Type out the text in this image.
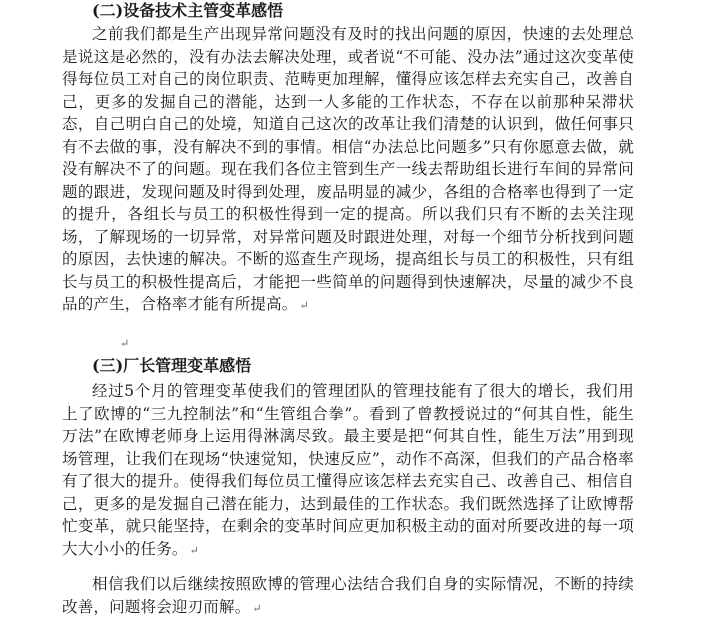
(二)设备技术主管变革感悟

之前我们都是生产出现异常问题没有及时的找出问题的原因，快速的去处理总是说这是必然的，没有办法去解决处理，或者说“不可能、没办法”通过这次变革使得每位员工对自己的岗位职责、范畴更加理解，懂得应该怎样去充实自己，改善自己，更多的发掘自己的潜能，达到一人多能的工作状态，不存在以前那种呆滞状态，自己明白自己的处境，知道自己这次的改革让我们清楚的认识到，做任何事只有不去做的事，没有解决不到的事情。相信“办法总比问题多”只有你愿意去做，就没有解决不了的问题。现在我们各位主管到生产一线去帮助组长进行车间的异常问题的跟进，发现问题及时得到处理，废品明显的减少，各组的合格率也得到了一定的提升，各组长与员工的积极性得到一定的提高。所以我们只有不断的去关注现场，了解现场的一切异常，对异常问题及时跟进处理，对每一个细节分析找到问题的原因，去快速的解决。不断的巡查生产现场，提高组长与员工的积极性，只有组长与员工的积极性提高后，才能把一些简单的问题得到快速解决，尽量的减少不良品的产生，合格率才能有所提高。 ↵

↵
(三)厂长管理变革感悟

经过5个月的管理变革使我们的管理团队的管理技能有了很大的增长，我们用上了欧博的“三九控制法”和“生管组合拳”。看到了曾教授说过的“何其自性，能生万法”在欧博老师身上运用得淋漓尽致。最主要是把“何其自性，能生万法”用到现场管理，让我们在现场“快速觉知，快速反应”，动作不高深，但我们的产品合格率有了很大的提升。使得我们每位员工懂得应该怎样去充实自己、改善自己、相信自己，更多的是发掘自己潜在能力，达到最佳的工作状态。我们既然选择了让欧博帮忙变革，就只能坚持，在剩余的变革时间应更加积极主动的面对所要改进的每一项大大小小的任务。 ↵

相信我们以后继续按照欧博的管理心法结合我们自身的实际情况，不断的持续改善，问题将会迎刃而解。 ↵
